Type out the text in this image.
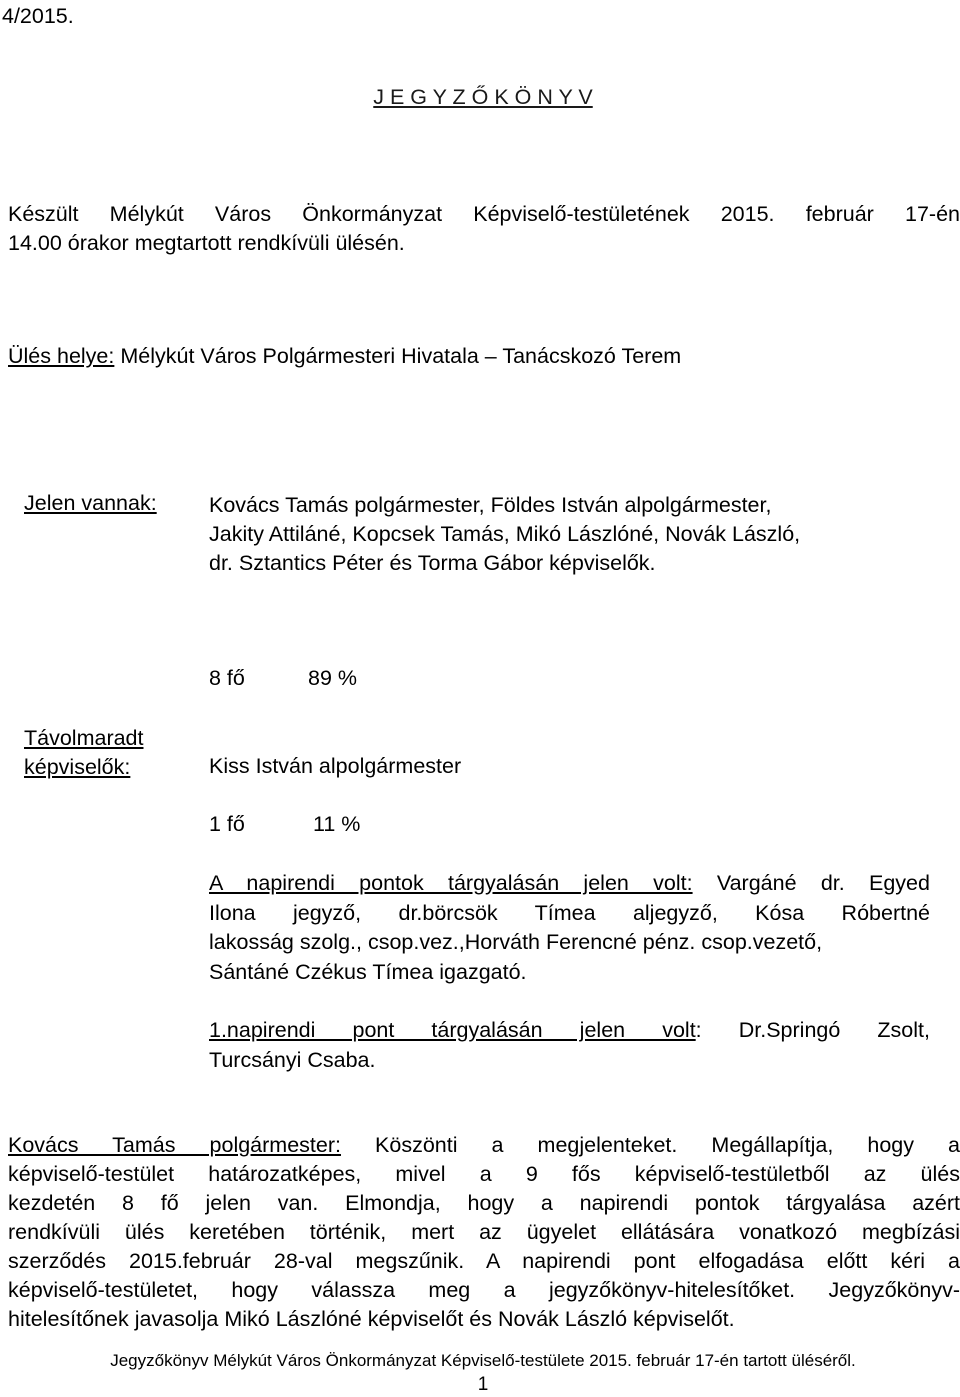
4/2015.
J E G Y Z Ő K Ö N Y V
Készült Mélykút Város Önkormányzat Képviselő-testületének 2015. február 17-én
14.00 órakor megtartott rendkívüli ülésén.
Ülés helye: Mélykút Város Polgármesteri Hivatala – Tanácskozó Terem
Jelen vannak: Kovács Tamás polgármester, Földes István alpolgármester,
Jakity Attiláné, Kopcsek Tamás, Mikó Lászlóné, Novák László,
dr. Sztantics Péter és Torma Gábor képviselők.
8 fő	89 %
Távolmaradt
képviselők:	Kiss István alpolgármester
1 fő	11 %
A napirendi pontok tárgyalásán jelen volt: Vargáné dr. Egyed
Ilona jegyző, dr.börcsök Tímea aljegyző, Kósa Róbertné
lakosság szolg., csop.vez.,Horváth Ferencné pénz. csop.vezető,
Sántáné Czékus Tímea igazgató.
1.napirendi pont tárgyalásán jelen volt: Dr.Springó Zsolt,
Turcsányi Csaba.
Kovács Tamás polgármester: Köszönti a megjelenteket. Megállapítja, hogy a
képviselő-testület határozatképes, mivel a 9 fős képviselő-testületből az ülés
kezdetén 8 fő jelen van. Elmondja, hogy a napirendi pontok tárgyalása azért
rendkívüli ülés keretében történik, mert az ügyelet ellátására vonatkozó megbízási
szerződés 2015.február 28-val megszűnik. A napirendi pont elfogadása előtt kéri a
képviselő-testületet, hogy válassza meg a jegyzőkönyv-hitelesítőket. Jegyzőkönyv-
hitelesítőnek javasolja Mikó Lászlóné képviselőt és Novák László képviselőt.
Jegyzőkönyv Mélykút Város Önkormányzat Képviselő-testülete 2015. február 17-én tartott üléséről.
1
